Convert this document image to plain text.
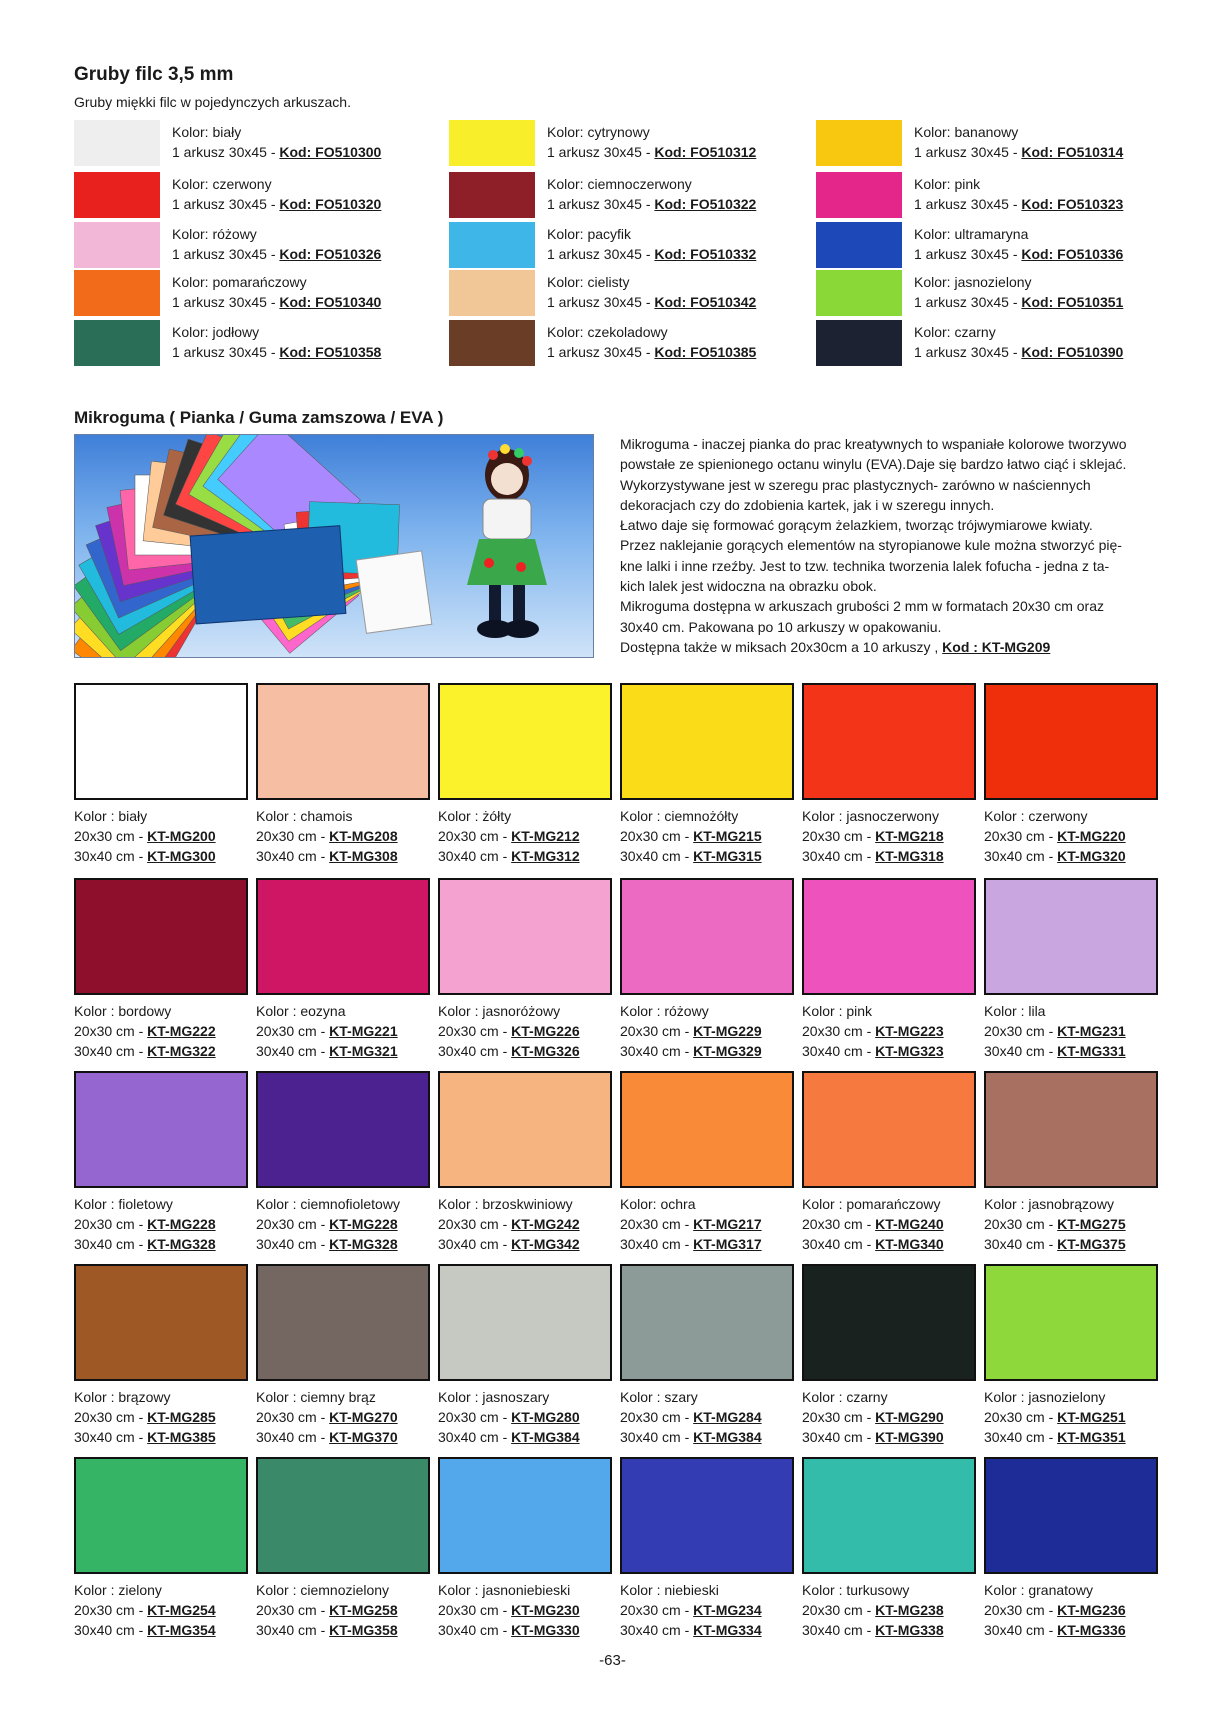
Gruby filc 3,5 mm
Gruby miękki filc w pojedynczych arkuszach.
Kolor: biały
1 arkusz 30x45 - Kod: FO510300
Kolor: czerwony
1 arkusz 30x45 - Kod: FO510320
Kolor: różowy
1 arkusz 30x45 - Kod: FO510326
Kolor: pomarańczowy
1 arkusz 30x45 - Kod: FO510340
Kolor: jodłowy
1 arkusz 30x45 - Kod: FO510358
Kolor: cytrynowy
1 arkusz 30x45 - Kod: FO510312
Kolor: ciemnoczerwony
1 arkusz 30x45 - Kod: FO510322
Kolor: pacyfik
1 arkusz 30x45 - Kod: FO510332
Kolor: cielisty
1 arkusz 30x45 - Kod: FO510342
Kolor: czekoladowy
1 arkusz 30x45 - Kod: FO510385
Kolor: bananowy
1 arkusz 30x45 - Kod: FO510314
Kolor: pink
1 arkusz 30x45 - Kod: FO510323
Kolor: ultramaryna
1 arkusz 30x45 - Kod: FO510336
Kolor: jasnozielony
1 arkusz 30x45 - Kod: FO510351
Kolor: czarny
1 arkusz 30x45 - Kod: FO510390
Mikroguma ( Pianka / Guma zamszowa / EVA )

Mikroguma - inaczej pianka do prac kreatywnych to wspaniałe kolorowe tworzywo

powstałe ze spienionego octanu winylu (EVA).Daje się bardzo łatwo ciąć i sklejać.

Wykorzystywane jest w szeregu prac plastycznych- zarówno w naściennych

dekoracjach czy do zdobienia kartek, jak i w szeregu innych.

Łatwo daje się formować gorącym żelazkiem, tworząc trójwymiarowe kwiaty.

Przez naklejanie gorących elementów na styropianowe kule można stworzyć pię-

kne lalki i inne rzeźby. Jest to tzw. technika tworzenia lalek fofucha - jedna z ta-

kich lalek jest widoczna na obrazku obok.

Mikroguma dostępna w arkuszach grubości 2 mm w formatach 20x30 cm oraz

30x40 cm. Pakowana po 10 arkuszy w opakowaniu.

Dostępna także w miksach 20x30cm a 10 arkuszy , Kod : KT-MG209

Kolor : biały
20x30 cm - KT-MG200
30x40 cm - KT-MG300
Kolor : chamois
20x30 cm - KT-MG208
30x40 cm - KT-MG308
Kolor : żółty
20x30 cm - KT-MG212
30x40 cm - KT-MG312
Kolor : ciemnożółty
20x30 cm - KT-MG215
30x40 cm - KT-MG315
Kolor : jasnoczerwony
20x30 cm - KT-MG218
30x40 cm - KT-MG318
Kolor : czerwony
20x30 cm - KT-MG220
30x40 cm - KT-MG320
Kolor : bordowy
20x30 cm - KT-MG222
30x40 cm - KT-MG322
Kolor : eozyna
20x30 cm - KT-MG221
30x40 cm - KT-MG321
Kolor : jasnoróżowy
20x30 cm - KT-MG226
30x40 cm - KT-MG326
Kolor : różowy
20x30 cm - KT-MG229
30x40 cm - KT-MG329
Kolor : pink
20x30 cm - KT-MG223
30x40 cm - KT-MG323
Kolor : lila
20x30 cm - KT-MG231
30x40 cm - KT-MG331
Kolor : fioletowy
20x30 cm - KT-MG228
30x40 cm - KT-MG328
Kolor : ciemnofioletowy
20x30 cm - KT-MG228
30x40 cm - KT-MG328
Kolor : brzoskwiniowy
20x30 cm - KT-MG242
30x40 cm - KT-MG342
Kolor: ochra
20x30 cm - KT-MG217
30x40 cm - KT-MG317
Kolor : pomarańczowy
20x30 cm - KT-MG240
30x40 cm - KT-MG340
Kolor : jasnobrązowy
20x30 cm - KT-MG275
30x40 cm - KT-MG375
Kolor : brązowy
20x30 cm - KT-MG285
30x40 cm - KT-MG385
Kolor : ciemny brąz
20x30 cm - KT-MG270
30x40 cm - KT-MG370
Kolor : jasnoszary
20x30 cm - KT-MG280
30x40 cm - KT-MG384
Kolor : szary
20x30 cm - KT-MG284
30x40 cm - KT-MG384
Kolor : czarny
20x30 cm - KT-MG290
30x40 cm - KT-MG390
Kolor : jasnozielony
20x30 cm - KT-MG251
30x40 cm - KT-MG351
Kolor : zielony
20x30 cm - KT-MG254
30x40 cm - KT-MG354
Kolor : ciemnozielony
20x30 cm - KT-MG258
30x40 cm - KT-MG358
Kolor : jasnoniebieski
20x30 cm - KT-MG230
30x40 cm - KT-MG330
Kolor : niebieski
20x30 cm - KT-MG234
30x40 cm - KT-MG334
Kolor : turkusowy
20x30 cm - KT-MG238
30x40 cm - KT-MG338
Kolor : granatowy
20x30 cm - KT-MG236
30x40 cm - KT-MG336
-63-
